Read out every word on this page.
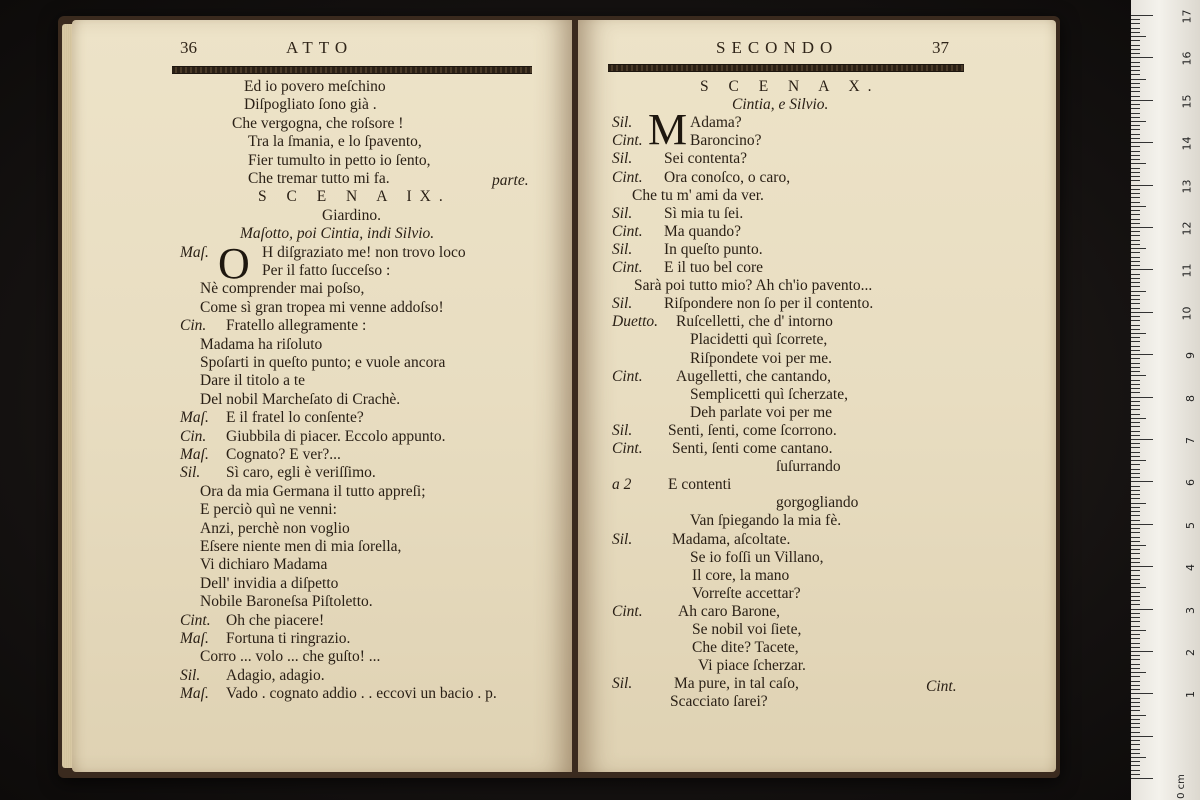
36	ATTO
Ed io povero meſchino
Diſpogliato ſono già .
Che vergogna, che roſsore !
Tra la ſmania, e lo ſpavento,
Fier tumulto in petto io ſento,
Che tremar tutto mi fa.
S C E N A IX.
Giardino.
Maſotto, poi Cintia, indi Silvio.
Maſ.	H diſgraziato me! non trovo loco
Per il fatto ſucceſso :
Nè comprender mai poſso,
Come sì gran tropea mi venne addoſso!
Cin. Fratello allegramente :
Madama ha riſoluto
Spoſarti in queſto punto; e vuole ancora
Dare il titolo a te
Del nobil Marcheſato di Crachè.
Maſ. E il fratel lo conſente?
Cin. Giubbila di piacer. Eccolo appunto.
Maſ. Cognato? E ver?...
Sil. Sì caro, egli è veriſſimo.
Ora da mia Germana il tutto appreſi;
E perciò quì ne venni:
Anzi, perchè non voglio
Eſsere niente men di mia ſorella,
Vi dichiaro Madama
Dell' invidia a diſpetto
Nobile Baroneſsa Piſtoletto.
Cint. Oh che piacere!
Maſ. Fortuna ti ringrazio.
Corro ... volo ... che guſto! ...
Sil. Adagio, adagio.
Maſ. Vado . cognato addio . . eccovi un bacio . p.
parte.
O
SECONDO	37
S C E N A X.
Cintia, e Silvio.
Sil.	Adama?
Cint.	Baroncino?
Sil. Sei contenta?
Cint. Ora conoſco, o caro,
Che tu m' ami da ver.
Sil. Sì mia tu ſei.
Cint. Ma quando?
Sil. In queſto punto.
Cint. E il tuo bel core
Sarà poi tutto mio? Ah ch'io pavento...
Sil. Riſpondere non ſo per il contento.
Duetto. Ruſcelletti, che d' intorno
Placidetti quì ſcorrete,
Riſpondete voi per me.
Cint. Augelletti, che cantando,
Semplicetti quì ſcherzate,
Deh parlate voi per me
Sil. Senti, ſenti, come ſcorrono.
Cint. Senti, ſenti come cantano.
ſuſurrando
a 2 E contenti
gorgogliando
Van ſpiegando la mia fè.
Sil.	Madama, aſcoltate.
Se io foſſi un Villano,
Il core, la mano
Vorreſte accettar?
Cint. Ah caro Barone,
Se nobil voi ſiete,
Che dite? Tacete,
Vi piace ſcherzar.
Sil.	Ma pure, in tal caſo,
Scacciato ſarei?
M
Cint.
17
16
15
14
13
12
11
10
9
8
7
6
5
4
3
2
1
0 cm
